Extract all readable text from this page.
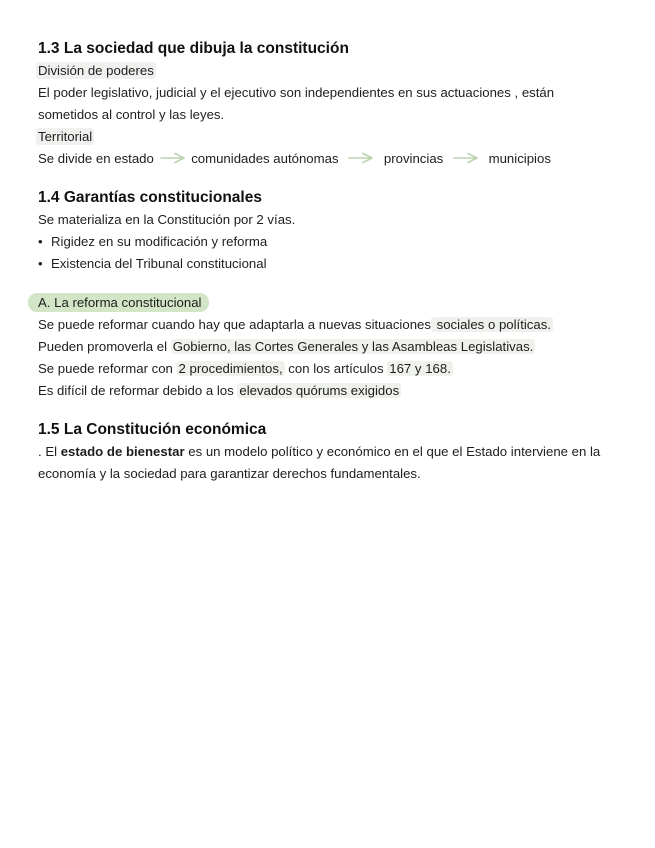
1.3 La sociedad que dibuja la constitución
División de poderes
El poder legislativo, judicial y el ejecutivo son independientes en sus actuaciones , están
sometidos al control y las leyes.
Territorial
Se divide en estado	comunidades autónomas	provincias	municipios
1.4 Garantías constitucionales
Se materializa en la Constitución por 2 vías.
• Rigidez en su modificación y reforma
• Existencia del Tribunal constitucional
A. La reforma constitucional
Se puede reformar cuando hay que adaptarla a nuevas situaciones sociales o políticas.
Pueden promoverla el Gobierno, las Cortes Generales y las Asambleas Legislativas.
Se puede reformar con 2 procedimientos, con los artículos 167 y 168.
Es difícil de reformar debido a los elevados quórums exigidos
1.5 La Constitución económica
. El estado de bienestar es un modelo político y económico en el que el Estado interviene en la economía y la sociedad para garantizar derechos fundamentales.
